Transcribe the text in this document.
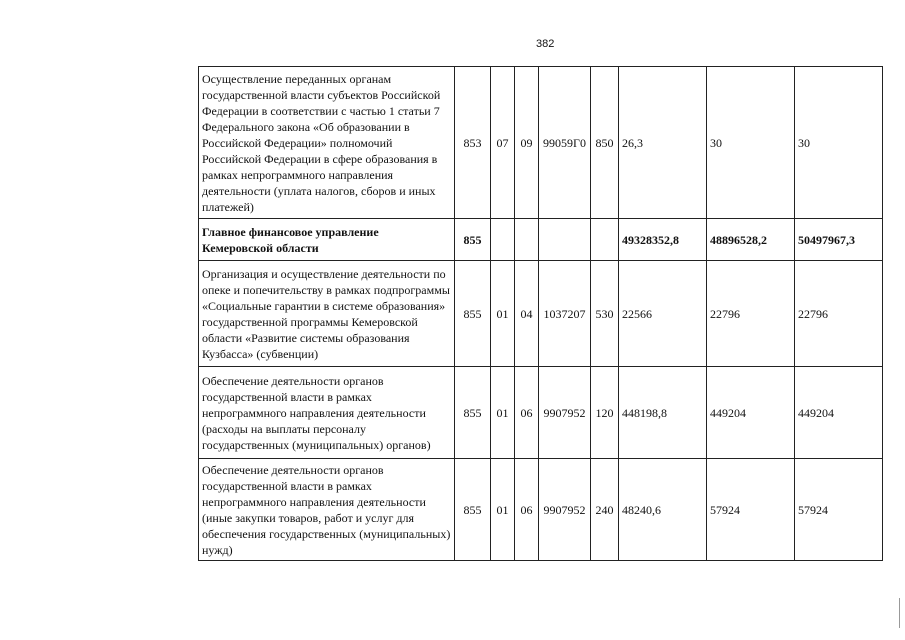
382
Осуществление переданных органам государственной власти субъектов Российской Федерации в соответствии с частью 1 статьи 7 Федерального закона «Об образовании в Российской Федерации» полномочий Российской Федерации в сфере образования в рамках непрограммного направления деятельности (уплата налогов, сборов и иных платежей)	853	07	09	99059Г0	850	26,3	30	30
Главное финансовое управление Кемеровской области	855					49328352,8	48896528,2	50497967,3
Организация и осуществление деятельности по опеке и попечительству в рамках подпрограммы «Социальные гарантии в системе образования» государственной программы Кемеровской области «Развитие системы образования Кузбасса» (субвенции)	855	01	04	1037207	530	22566	22796	22796
Обеспечение деятельности органов государственной власти в рамках непрограммного направления деятельности (расходы на выплаты персоналу государственных (муниципальных) органов)	855	01	06	9907952	120	448198,8	449204	449204
Обеспечение деятельности органов государственной власти в рамках непрограммного направления деятельности (иные закупки товаров, работ и услуг для обеспечения государственных (муниципальных) нужд)	855	01	06	9907952	240	48240,6	57924	57924
